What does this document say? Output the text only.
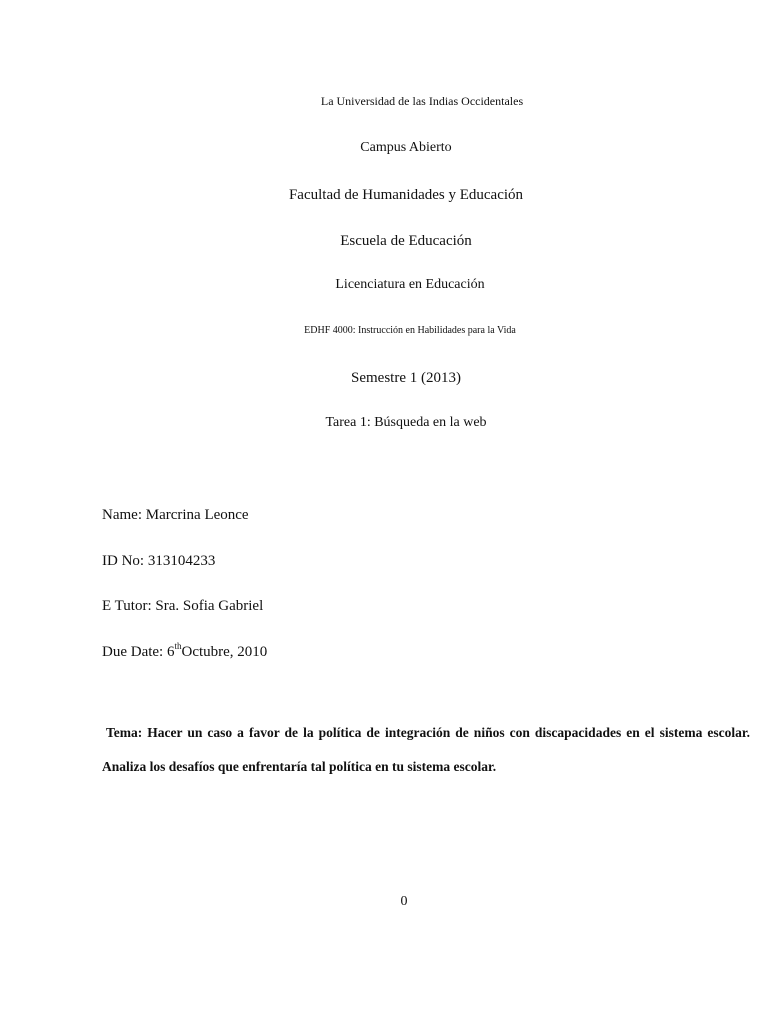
La Universidad de las Indias Occidentales
Campus Abierto
Facultad de Humanidades y Educación
Escuela de Educación
Licenciatura en Educación
EDHF 4000: Instrucción en Habilidades para la Vida
Semestre 1 (2013)
Tarea 1: Búsqueda en la web
Name: Marcrina Leonce
ID No: 313104233
E Tutor: Sra. Sofia Gabriel
Due Date: 6thOctubre, 2010
Tema: Hacer un caso a favor de la política de integración de niños con discapacidades en el sistema escolar. Analiza los desafíos que enfrentaría tal política en tu sistema escolar.
0
